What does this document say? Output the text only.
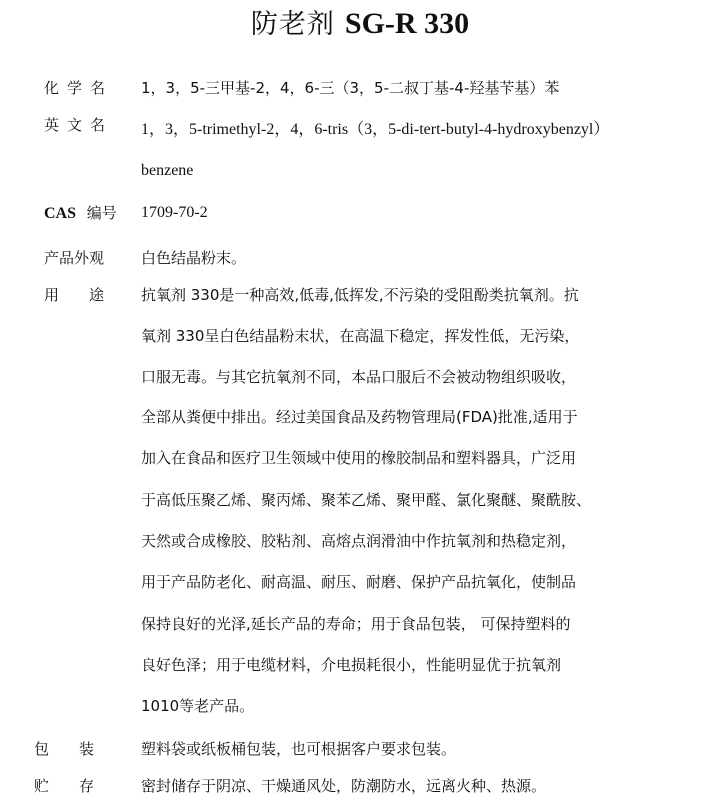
防老剂 SG-R 330
化学名 1，3，5-三甲基-2，4，6-三（3，5-二叔丁基-4-羟基苄基）苯
英文名 1，3，5-trimethyl-2，4，6-tris（3，5-di-tert-butyl-4-hydroxybenzyl）
benzene
CAS 编号 1709-70-2
产品外观 白色结晶粉末。
用途 抗氧剂 330是一种高效,低毒,低挥发,不污染的受阻酚类抗氧剂。抗
氧剂 330呈白色结晶粉末状，在高温下稳定，挥发性低，无污染，
口服无毒。与其它抗氧剂不同，本品口服后不会被动物组织吸收，
全部从粪便中排出。经过美国食品及药物管理局(FDA)批准,适用于
加入在食品和医疗卫生领域中使用的橡胶制品和塑料器具，广泛用
于高低压聚乙烯、聚丙烯、聚苯乙烯、聚甲醛、氯化聚醚、聚酰胺、
天然或合成橡胶、胶粘剂、高熔点润滑油中作抗氧剂和热稳定剂，
用于产品防老化、耐高温、耐压、耐磨、保护产品抗氧化，使制品
保持良好的光泽,延长产品的寿命；用于食品包装， 可保持塑料的
良好色泽；用于电缆材料，介电损耗很小，性能明显优于抗氧剂
1010等老产品。
包装 塑料袋或纸板桶包装，也可根据客户要求包装。
贮存 密封储存于阴凉、干燥通风处，防潮防水，远离火种、热源。
